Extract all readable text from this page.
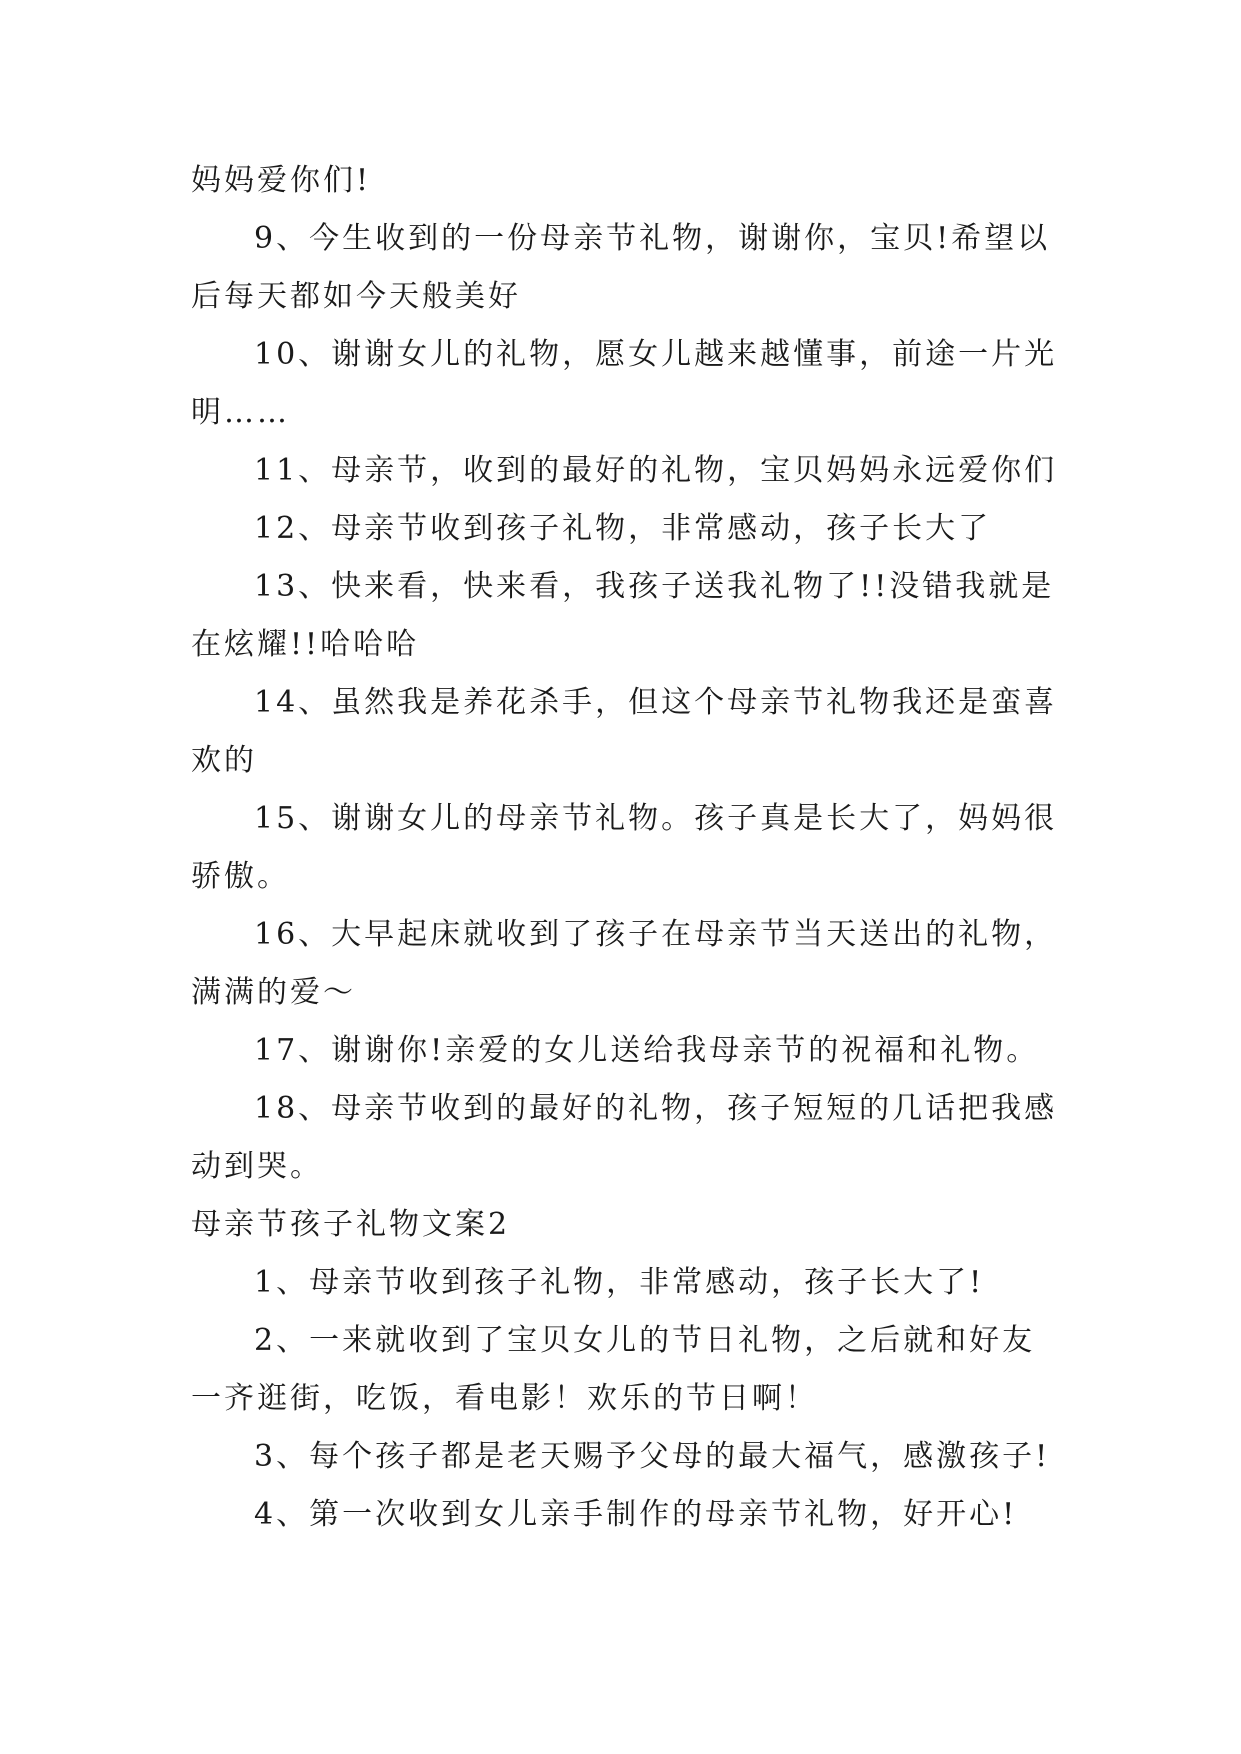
妈妈爱你们!

9、今生收到的一份母亲节礼物，谢谢你，宝贝!希望以后每天都如今天般美好

10、谢谢女儿的礼物，愿女儿越来越懂事，前途一片光明……

11、母亲节，收到的最好的礼物，宝贝妈妈永远爱你们

12、母亲节收到孩子礼物，非常感动，孩子长大了

13、快来看，快来看，我孩子送我礼物了!!没错我就是在炫耀!!哈哈哈

14、虽然我是养花杀手，但这个母亲节礼物我还是蛮喜欢的

15、谢谢女儿的母亲节礼物。孩子真是长大了，妈妈很骄傲。

16、大早起床就收到了孩子在母亲节当天送出的礼物，满满的爱～

17、谢谢你!亲爱的女儿送给我母亲节的祝福和礼物。

18、母亲节收到的最好的礼物，孩子短短的几话把我感动到哭。

母亲节孩子礼物文案2

1、母亲节收到孩子礼物，非常感动，孩子长大了!

2、一来就收到了宝贝女儿的节日礼物，之后就和好友一齐逛街，吃饭，看电影！欢乐的节日啊！

3、每个孩子都是老天赐予父母的最大福气，感激孩子!

4、第一次收到女儿亲手制作的母亲节礼物，好开心!
